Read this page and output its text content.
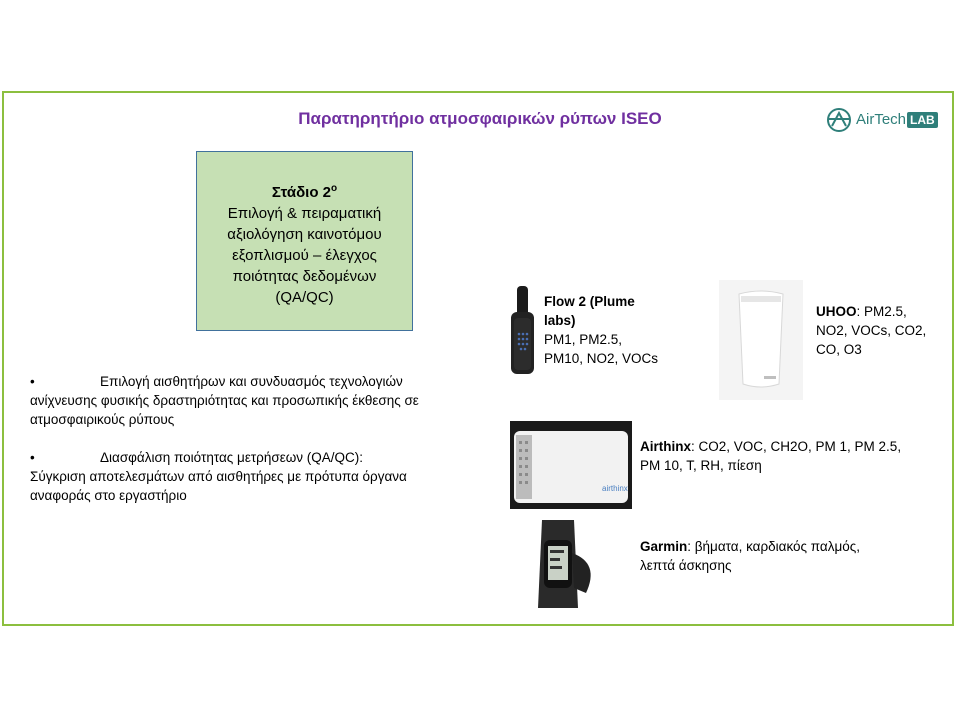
Παρατηρητήριο ατμοσφαιρικών ρύπων ISEO	AirTech LAB
Στάδιο $2^o$
Επιλογή & πειραματική
αξιολόγηση καινοτόμου
εξοπλισμού – έλεγχος
ποιότητας δεδομένων
(QA/QC)
•	Επιλογή αισθητήρων και συνδυασμός τεχνολογιών
ανίχνευσης φυσικής δραστηριότητας και προσωπικής έκθεσης σε
ατμοσφαιρικούς ρύπους
•	Διασφάλιση ποιότητας μετρήσεων (QA/QC):
Σύγκριση αποτελεσμάτων από αισθητήρες με πρότυπα όργανα
αναφοράς στο εργαστήριο
Flow 2 (Plume
labs)
PM1, PM2.5,
PM10, NO2, VOCs
UHOO: PM2.5,
NO2, VOCs, CO2,
CO, O3
airthinx
Airthinx: CO2, VOC, CH2O, PM 1, PM 2.5,
PM 10, T, RH, πίεση
Garmin: βήματα, καρδιακός παλμός,
λεπτά άσκησης
